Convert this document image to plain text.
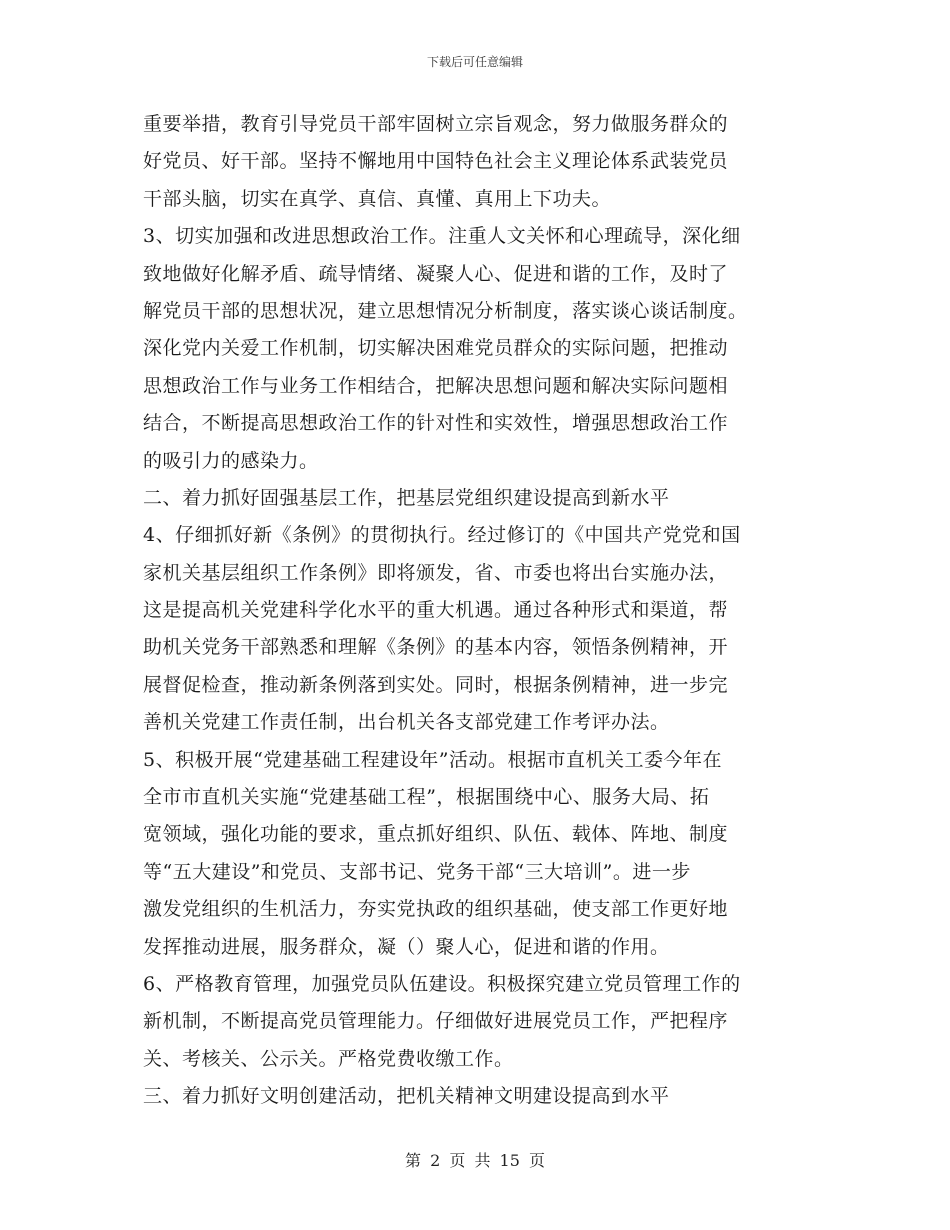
下载后可任意编辑
重要举措，教育引导党员干部牢固树立宗旨观念，努力做服务群众的
好党员、好干部。坚持不懈地用中国特色社会主义理论体系武装党员
干部头脑，切实在真学、真信、真懂、真用上下功夫。
3、切实加强和改进思想政治工作。注重人文关怀和心理疏导，深化细
致地做好化解矛盾、疏导情绪、凝聚人心、促进和谐的工作，及时了
解党员干部的思想状况，建立思想情况分析制度，落实谈心谈话制度。
深化党内关爱工作机制，切实解决困难党员群众的实际问题，把推动
思想政治工作与业务工作相结合，把解决思想问题和解决实际问题相
结合，不断提高思想政治工作的针对性和实效性，增强思想政治工作
的吸引力的感染力。
二、着力抓好固强基层工作，把基层党组织建设提高到新水平
4、仔细抓好新《条例》的贯彻执行。经过修订的《中国共产党党和国
家机关基层组织工作条例》即将颁发，省、市委也将出台实施办法，
这是提高机关党建科学化水平的重大机遇。通过各种形式和渠道，帮
助机关党务干部熟悉和理解《条例》的基本内容，领悟条例精神，开
展督促检查，推动新条例落到实处。同时，根据条例精神，进一步完
善机关党建工作责任制，出台机关各支部党建工作考评办法。
5、积极开展“党建基础工程建设年”活动。根据市直机关工委今年在
全市市直机关实施“党建基础工程”，根据围绕中心、服务大局、拓
宽领域，强化功能的要求，重点抓好组织、队伍、载体、阵地、制度
等“五大建设”和党员、支部书记、党务干部“三大培训”。进一步
激发党组织的生机活力，夯实党执政的组织基础，使支部工作更好地
发挥推动进展，服务群众，凝（）聚人心，促进和谐的作用。
6、严格教育管理，加强党员队伍建设。积极探究建立党员管理工作的
新机制，不断提高党员管理能力。仔细做好进展党员工作，严把程序
关、考核关、公示关。严格党费收缴工作。
三、着力抓好文明创建活动，把机关精神文明建设提高到水平
第 2 页 共 15 页
